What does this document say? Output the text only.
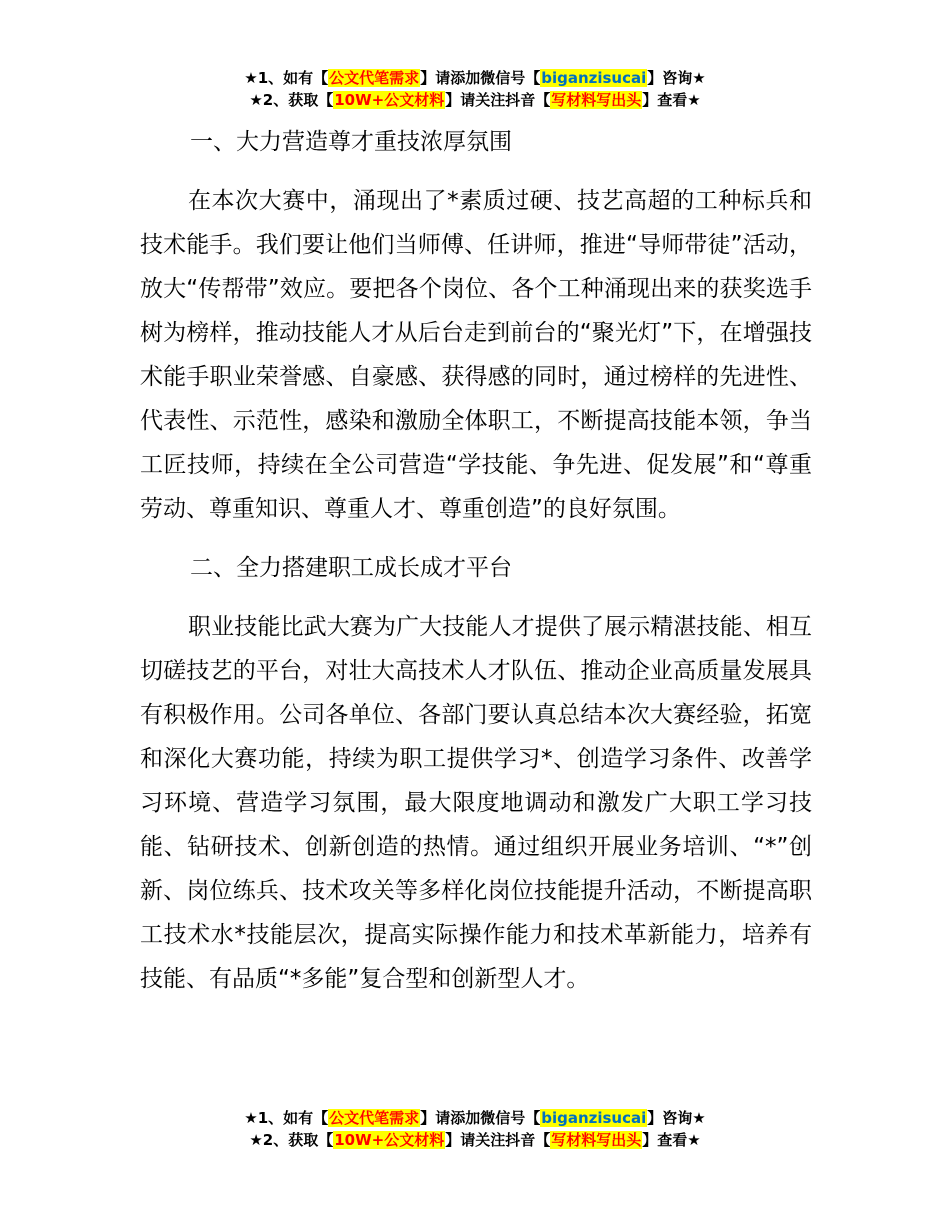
★1、如有【公文代笔需求】请添加微信号【biganzisucai】咨询★
★2、获取【10W+公文材料】请关注抖音【写材料写出头】查看★

一、大力营造尊才重技浓厚氛围

在本次大赛中，涌现出了*素质过硬、技艺高超的工种标兵和技术能手。我们要让他们当师傅、任讲师，推进“导师带徒”活动，放大“传帮带”效应。要把各个岗位、各个工种涌现出来的获奖选手树为榜样，推动技能人才从后台走到前台的“聚光灯”下，在增强技术能手职业荣誉感、自豪感、获得感的同时，通过榜样的先进性、代表性、示范性，感染和激励全体职工，不断提高技能本领，争当工匠技师，持续在全公司营造“学技能、争先进、促发展”和“尊重劳动、尊重知识、尊重人才、尊重创造”的良好氛围。

二、全力搭建职工成长成才平台

职业技能比武大赛为广大技能人才提供了展示精湛技能、相互切磋技艺的平台，对壮大高技术人才队伍、推动企业高质量发展具有积极作用。公司各单位、各部门要认真总结本次大赛经验，拓宽和深化大赛功能，持续为职工提供学习*、创造学习条件、改善学习环境、营造学习氛围，最大限度地调动和激发广大职工学习技能、钻研技术、创新创造的热情。通过组织开展业务培训、“*”创新、岗位练兵、技术攻关等多样化岗位技能提升活动，不断提高职工技术水*技能层次，提高实际操作能力和技术革新能力，培养有技能、有品质“*多能”复合型和创新型人才。

★1、如有【公文代笔需求】请添加微信号【biganzisucai】咨询★
★2、获取【10W+公文材料】请关注抖音【写材料写出头】查看★
